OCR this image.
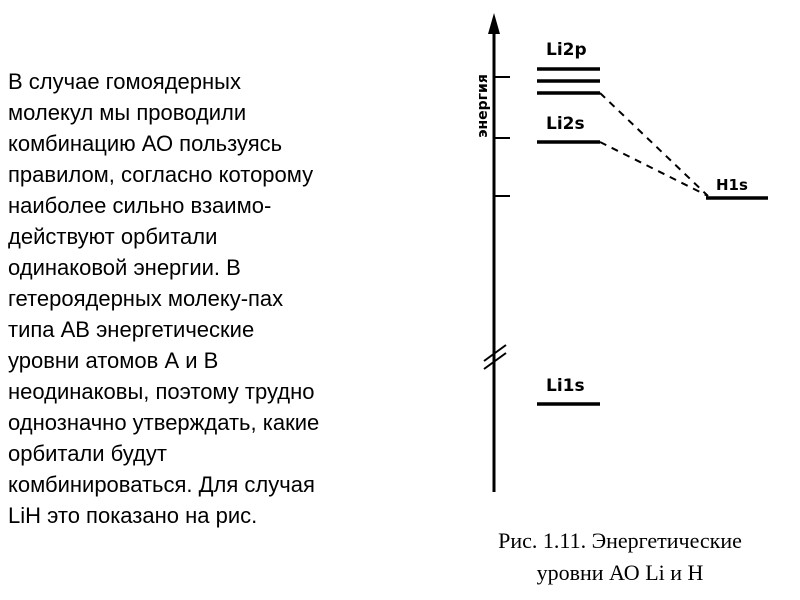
В случае гомоядерных
молекул мы проводили
комбинацию АО пользуясь
правилом, согласно которому
наиболее сильно взаимо-
действуют орбитали
одинаковой энергии. В
гетероядерных молеку-пах
типа АВ энергетические
уровни атомов А и В
неодинаковы, поэтому трудно
однозначно утверждать, какие
орбитали будут
комбинироваться. Для случая
LiH это показано на рис.

энергия
Li2p
Li2s
H1s
Li1s
Рис. 1.11. Энергетические
уровни АО Li и H
